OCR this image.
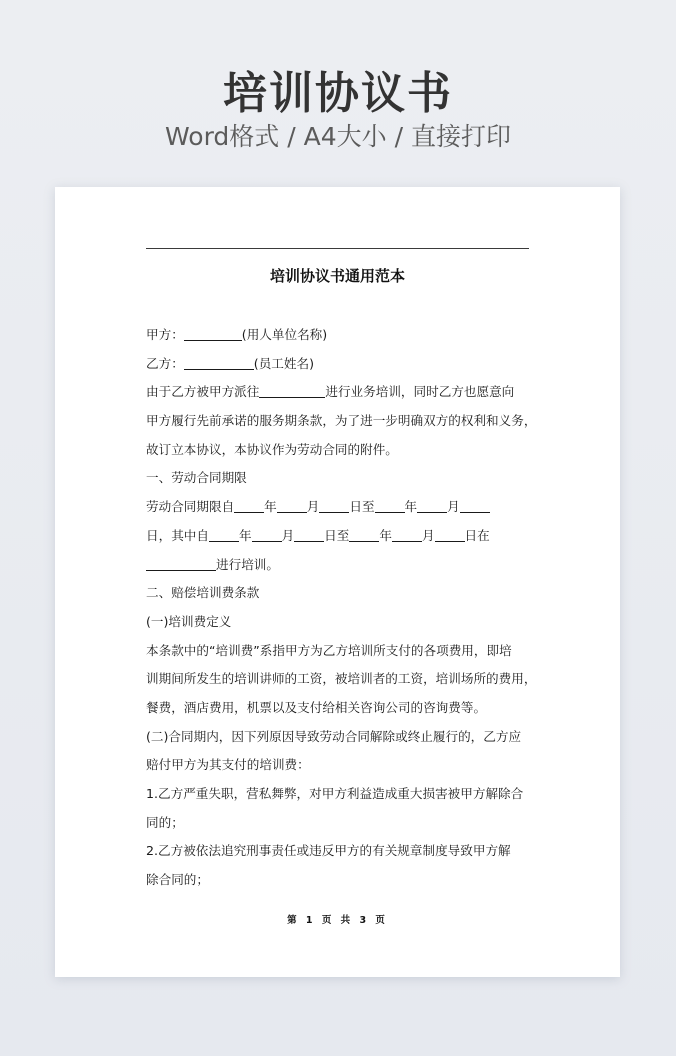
培训协议书
Word格式 / A4大小 / 直接打印
培训协议书通用范本
甲方：	(用人单位名称)
乙方：	(员工姓名)
由于乙方被甲方派往	进行业务培训，同时乙方也愿意向
甲方履行先前承诺的服务期条款，为了进一步明确双方的权利和义务，
故订立本协议，本协议作为劳动合同的附件。
一、劳动合同期限
劳动合同期限自 年 月 日至 年 月
日，其中自 年 月 日至 年 月 日在
进行培训。
二、赔偿培训费条款
(一)培训费定义
本条款中的“培训费”系指甲方为乙方培训所支付的各项费用，即培
训期间所发生的培训讲师的工资，被培训者的工资，培训场所的费用，
餐费，酒店费用，机票以及支付给相关咨询公司的咨询费等。
(二)合同期内，因下列原因导致劳动合同解除或终止履行的，乙方应
赔付甲方为其支付的培训费：
1.乙方严重失职，营私舞弊，对甲方利益造成重大损害被甲方解除合
同的；
2.乙方被依法追究刑事责任或违反甲方的有关规章制度导致甲方解
除合同的；
第 1 页 共 3 页
